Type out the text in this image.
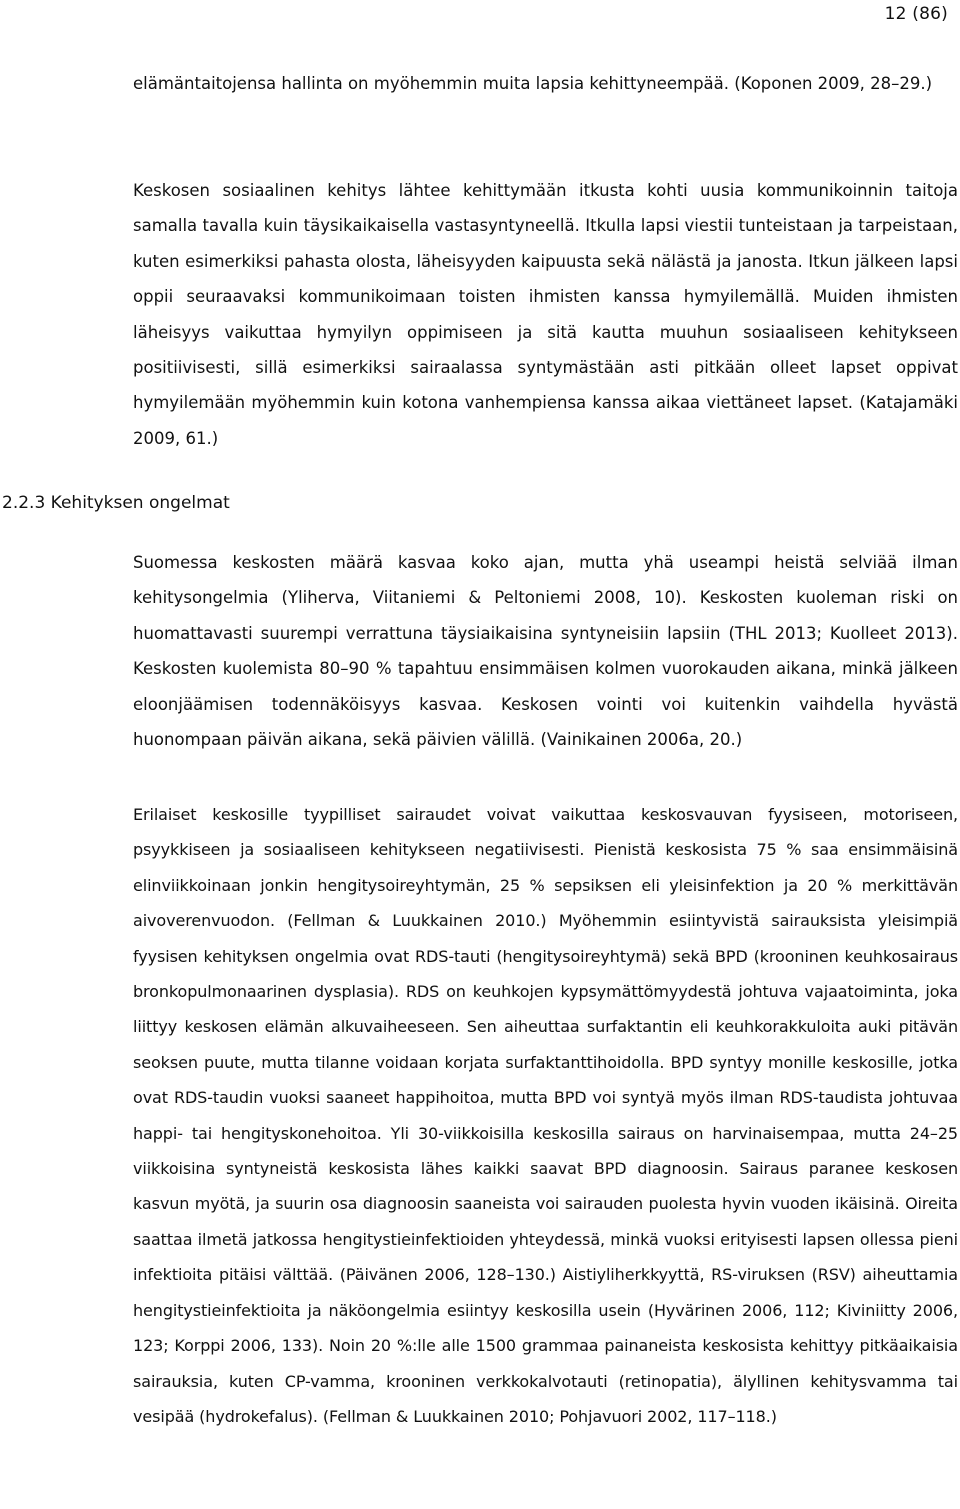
12 (86)

elämäntaitojensa hallinta on myöhemmin muita lapsia kehittyneempää. (Koponen 2009, 28–29.)

Keskosen sosiaalinen kehitys lähtee kehittymään itkusta kohti uusia kommunikoinnin taitoja samalla tavalla kuin täysikaikaisella vastasyntyneellä. Itkulla lapsi viestii tunteistaan ja tarpeistaan, kuten esimerkiksi pahasta olosta, läheisyyden kaipuusta sekä nälästä ja janosta. Itkun jälkeen lapsi oppii seuraavaksi kommunikoimaan toisten ihmisten kanssa hymyilemällä. Muiden ihmisten läheisyys vaikuttaa hymyilyn oppimiseen ja sitä kautta muuhun sosiaaliseen kehitykseen positiivisesti, sillä esimerkiksi sairaalassa syntymästään asti pitkään olleet lapset oppivat hymyilemään myöhemmin kuin kotona vanhempiensa kanssa aikaa viettäneet lapset. (Katajamäki 2009, 61.)

2.2.3 Kehityksen ongelmat

Suomessa keskosten määrä kasvaa koko ajan, mutta yhä useampi heistä selviää ilman kehitysongelmia (Yliherva, Viitaniemi & Peltoniemi 2008, 10). Keskosten kuoleman riski on huomattavasti suurempi verrattuna täysiaikaisina syntyneisiin lapsiin (THL 2013; Kuolleet 2013). Keskosten kuolemista 80–90 % tapahtuu ensimmäisen kolmen vuorokauden aikana, minkä jälkeen eloonjäämisen todennäköisyys kasvaa. Keskosen vointi voi kuitenkin vaihdella hyvästä huonompaan päivän aikana, sekä päivien välillä. (Vainikainen 2006a, 20.)

Erilaiset keskosille tyypilliset sairaudet voivat vaikuttaa keskosvauvan fyysiseen, motoriseen, psyykkiseen ja sosiaaliseen kehitykseen negatiivisesti. Pienistä keskosista 75 % saa ensimmäisinä elinviikkoinaan jonkin hengitysoireyhtymän, 25 % sepsiksen eli yleisinfektion ja 20 % merkittävän aivoverenvuodon. (Fellman & Luukkainen 2010.) Myöhemmin esiintyvistä sairauksista yleisimpiä fyysisen kehityksen ongelmia ovat RDS-tauti (hengitysoireyhtymä) sekä BPD (krooninen keuhkosairaus bronkopulmonaarinen dysplasia). RDS on keuhkojen kypsymättömyydestä johtuva vajaatoiminta, joka liittyy keskosen elämän alkuvaiheeseen. Sen aiheuttaa surfaktantin eli keuhkorakkuloita auki pitävän seoksen puute, mutta tilanne voidaan korjata surfaktanttihoidolla. BPD syntyy monille keskosille, jotka ovat RDS-taudin vuoksi saaneet happihoitoa, mutta BPD voi syntyä myös ilman RDS-taudista johtuvaa happi- tai hengityskonehoitoa. Yli 30-viikkoisilla keskosilla sairaus on harvinaisempaa, mutta 24–25 viikkoisina syntyneistä keskosista lähes kaikki saavat BPD diagnoosin. Sairaus paranee keskosen kasvun myötä, ja suurin osa diagnoosin saaneista voi sairauden puolesta hyvin vuoden ikäisinä. Oireita saattaa ilmetä jatkossa hengitystieinfektioiden yhteydessä, minkä vuoksi erityisesti lapsen ollessa pieni infektioita pitäisi välttää. (Päivänen 2006, 128–130.) Aistiyliherkkyyttä, RS-viruksen (RSV) aiheuttamia hengitystieinfektioita ja näköongelmia esiintyy keskosilla usein (Hyvärinen 2006, 112; Kiviniitty 2006, 123; Korppi 2006, 133). Noin 20 %:lle alle 1500 grammaa painaneista keskosista kehittyy pitkäaikaisia sairauksia, kuten CP-vamma, krooninen verkkokalvotauti (retinopatia), älyllinen kehitysvamma tai vesipää (hydrokefalus). (Fellman & Luukkainen 2010; Pohjavuori 2002, 117–118.)
